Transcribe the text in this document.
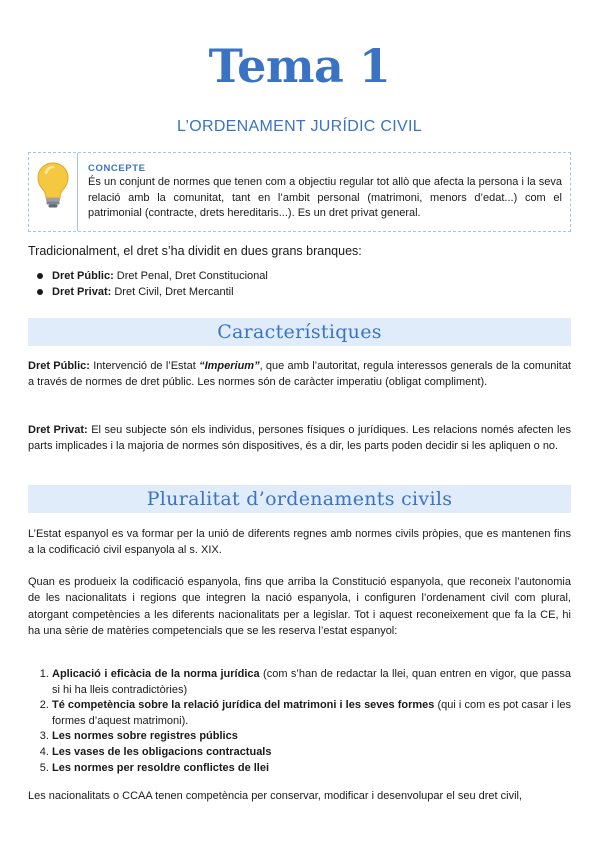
Tema 1
L’ORDENAMENT JURÍDIC CIVIL
CONCEPTE
És un conjunt de normes que tenen com a objectiu regular tot allò que afecta la persona i la seva relació amb la comunitat, tant en l’ambit personal (matrimoni, menors d’edat...) com el patrimonial (contracte, drets hereditaris...). Es un dret privat general.
Tradicionalment, el dret s’ha dividit en dues grans branques:
Dret Públic: Dret Penal, Dret Constitucional
Dret Privat: Dret Civil, Dret Mercantil
Característiques
Dret Públic: Intervenció de l’Estat “Imperium”, que amb l’autoritat, regula interessos generals de la comunitat a través de normes de dret públic. Les normes són de caràcter imperatiu (obligat compliment).
Dret Privat: El seu subjecte són els individus, persones físiques o jurídiques. Les relacions només afecten les parts implicades i la majoria de normes són dispositives, és a dir, les parts poden decidir si les apliquen o no.
Pluralitat d’ordenaments civils
L’Estat espanyol es va formar per la unió de diferents regnes amb normes civils pròpies, que es mantenen fins a la codificació civil espanyola al s. XIX.
Quan es produeix la codificació espanyola, fins que arriba la Constitució espanyola, que reconeix l’autonomia de les nacionalitats i regions que integren la nació espanyola, i configuren l’ordenament civil com plural, atorgant competències a les diferents nacionalitats per a legislar. Tot i aquest reconeixement que fa la CE, hi ha una sèrie de matèries competencials que se les reserva l’estat espanyol:
1. Aplicació i eficàcia de la norma jurídica (com s’han de redactar la llei, quan entren en vigor, que passa si hi ha lleis contradictòries)
2. Té competència sobre la relació jurídica del matrimoni i les seves formes (qui i com es pot casar i les formes d’aquest matrimoni).
3. Les normes sobre registres públics
4. Les vases de les obligacions contractuals
5. Les normes per resoldre conflictes de llei
Les nacionalitats o CCAA tenen competència per conservar, modificar i desenvolupar el seu dret civil,
